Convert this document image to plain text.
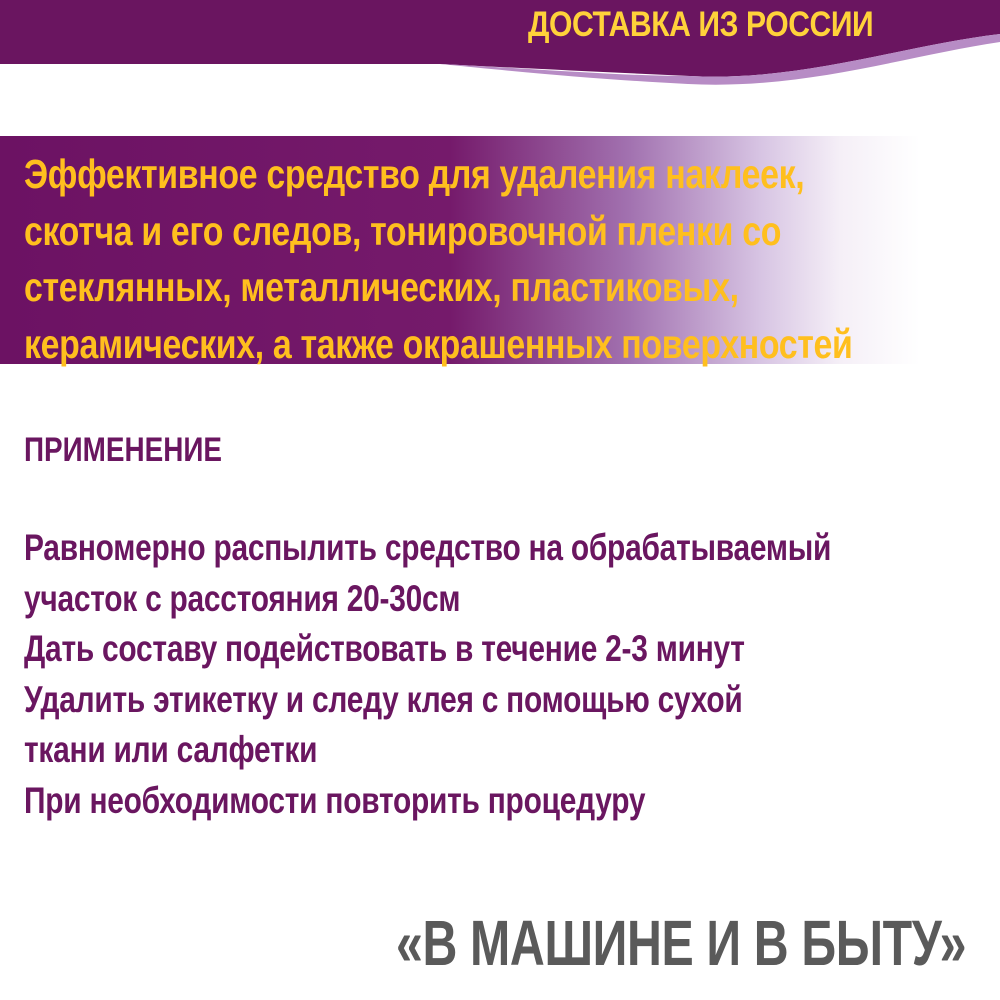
ДОСТАВКА ИЗ РОССИИ

Эффективное средство для удаления наклеек,
скотча и его следов, тонировочной пленки со
стеклянных, металлических, пластиковых,
керамических, а также окрашенных поверхностей

ПРИМЕНЕНИЕ

Равномерно распылить средство на обрабатываемый
участок с расстояния 20-30см
Дать составу подействовать в течение 2-3 минут
Удалить этикетку и следу клея с помощью сухой
ткани или салфетки
При необходимости повторить процедуру

«В МАШИНЕ И В БЫТУ»
